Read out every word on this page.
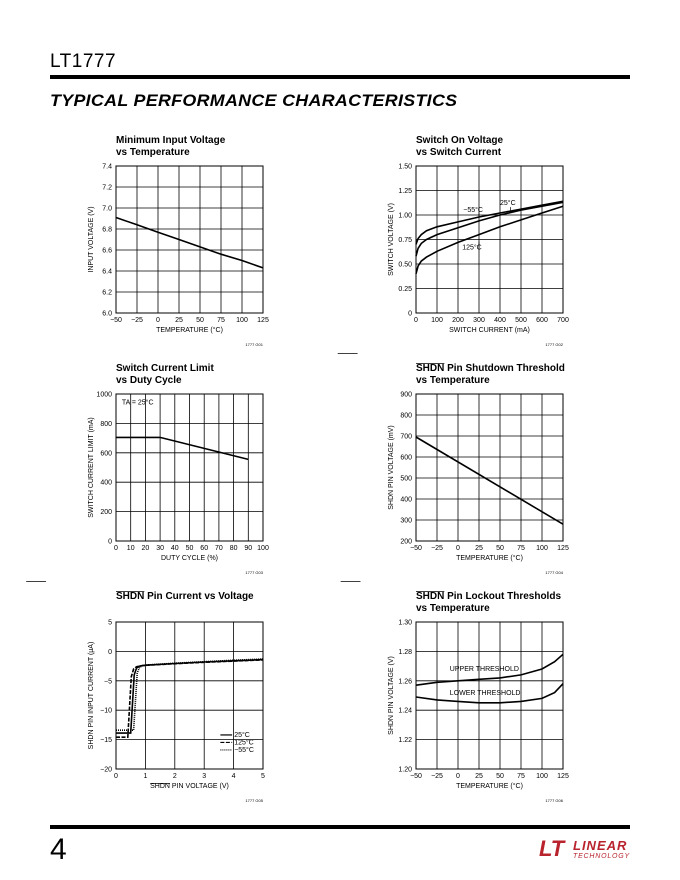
LT1777
TYPICAL PERFORMANCE CHARACTERISTICS
Minimum Input Voltage
vs Temperature
−50 −25 0 25 50 75 100 125
6.0
6.2
6.4
6.6
6.8
7.0
7.2
7.4
TEMPERATURE (°C)
INPUT VOLTAGE (V)
1777 G01
Switch On Voltage
vs Switch Current
0 100 200 300 400 500 600 700
0
0.25
0.50
0.75
1.00
1.25
1.50
SWITCH CURRENT (mA)
SWITCH VOLTAGE (V)
1777 G02
−55°C
25°C
125°C
Switch Current Limit
vs Duty Cycle
0 10 20 30 40 50 60 70 80 90 100
0
200
400
600
800
1000
DUTY CYCLE (%)
SWITCH CURRENT LIMIT (mA)
1777 G03
TA = 25°C
SHDN Pin Shutdown Threshold
vs Temperature
−50 −25 0 25 50 75 100 125
200
300
400
500
600
700
800
900
TEMPERATURE (°C)
SHDN PIN VOLTAGE (mV)
1777 G04
SHDN Pin Current vs Voltage
0	1	2	3	4	5
−20
−15
−10
−5
0
5
SHDN PIN VOLTAGE (V)
SHDN PIN INPUT CURRENT (µA)
1777 G05
25°C
125°C
−55°C
SHDN Pin Lockout Thresholds
vs Temperature
−50 −25 0 25 50 75 100 125
1.20
1.22
1.24
1.26
1.28
1.30
TEMPERATURE (°C)
SHDN PIN VOLTAGE (V)
1777 G06
UPPER THRESHOLD
LOWER THRESHOLD
4	LT LINEAR
TECHNOLOGY
